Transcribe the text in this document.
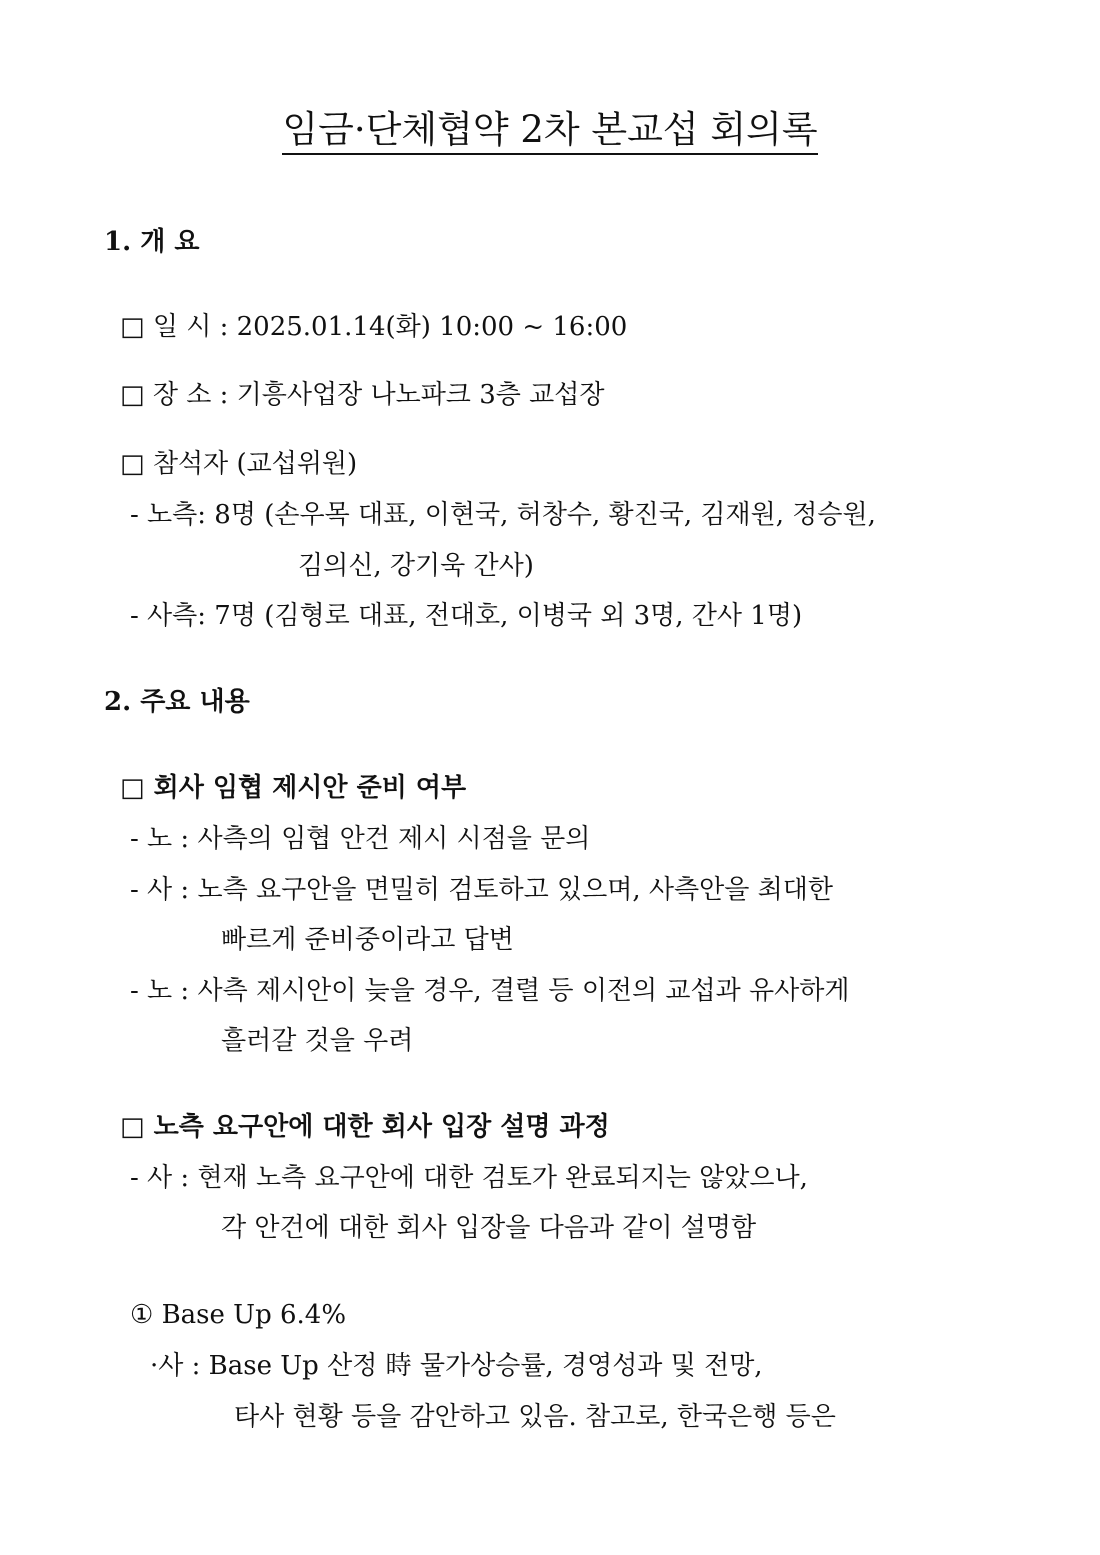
임금·단체협약 2차 본교섭 회의록
1. 개 요
□ 일 시 : 2025.01.14(화) 10:00 ~ 16:00
□ 장 소 : 기흥사업장 나노파크 3층 교섭장
□ 참석자 (교섭위원)
- 노측: 8명 (손우목 대표, 이현국, 허창수, 황진국, 김재원, 정승원,
김의신, 강기욱 간사)
- 사측: 7명 (김형로 대표, 전대호, 이병국 외 3명, 간사 1명)
2. 주요 내용
□ 회사 임협 제시안 준비 여부
- 노 : 사측의 임협 안건 제시 시점을 문의
- 사 : 노측 요구안을 면밀히 검토하고 있으며, 사측안을 최대한
빠르게 준비중이라고 답변
- 노 : 사측 제시안이 늦을 경우, 결렬 등 이전의 교섭과 유사하게
흘러갈 것을 우려
□ 노측 요구안에 대한 회사 입장 설명 과정
- 사 : 현재 노측 요구안에 대한 검토가 완료되지는 않았으나,
각 안건에 대한 회사 입장을 다음과 같이 설명함
① Base Up 6.4%
·사 : Base Up 산정 時 물가상승률, 경영성과 및 전망,
타사 현황 등을 감안하고 있음. 참고로, 한국은행 등은
